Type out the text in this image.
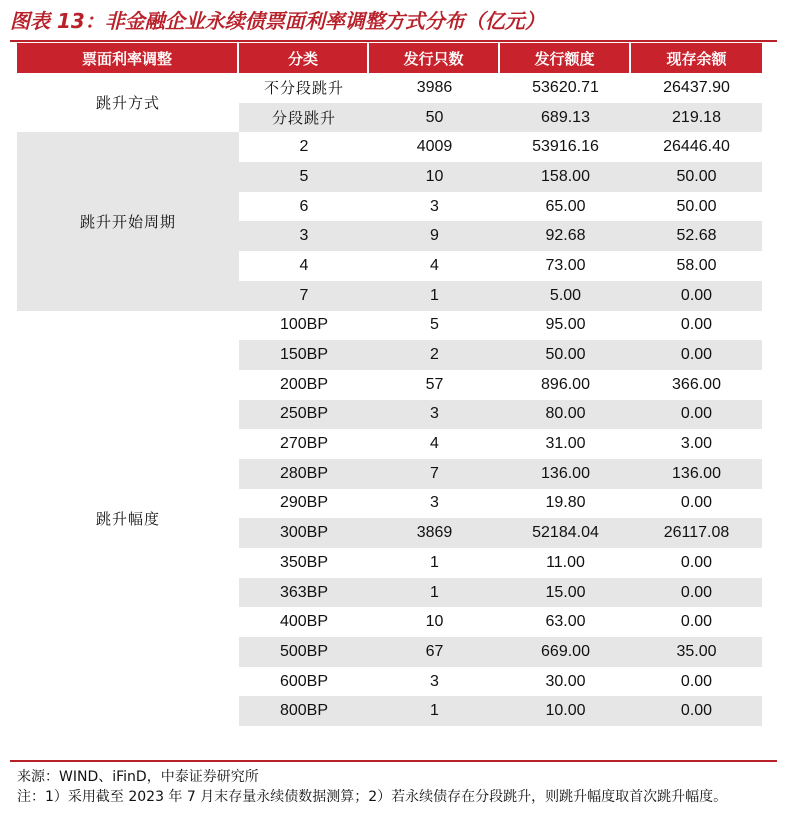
图表 13：非金融企业永续债票面利率调整方式分布（亿元）
票面利率调整	分类	发行只数	发行额度	现存余额
跳升方式	不分段跳升	3986	53620.71	26437.90
	分段跳升	50	689.13	219.18
跳升开始周期	2	4009	53916.16	26446.40
	5	10	158.00	50.00
	6	3	65.00	50.00
	3	9	92.68	52.68
	4	4	73.00	58.00
	7	1	5.00	0.00
跳升幅度	100BP	5	95.00	0.00
	150BP	2	50.00	0.00
	200BP	57	896.00	366.00
	250BP	3	80.00	0.00
	270BP	4	31.00	3.00
	280BP	7	136.00	136.00
	290BP	3	19.80	0.00
	300BP	3869	52184.04	26117.08
	350BP	1	11.00	0.00
	363BP	1	15.00	0.00
	400BP	10	63.00	0.00
	500BP	67	669.00	35.00
	600BP	3	30.00	0.00
	800BP	1	10.00	0.00
来源：WIND、iFinD，中泰证券研究所
注：1）采用截至 2023 年 7 月末存量永续债数据测算；2）若永续债存在分段跳升，则跳升幅度取首次跳升幅度。
